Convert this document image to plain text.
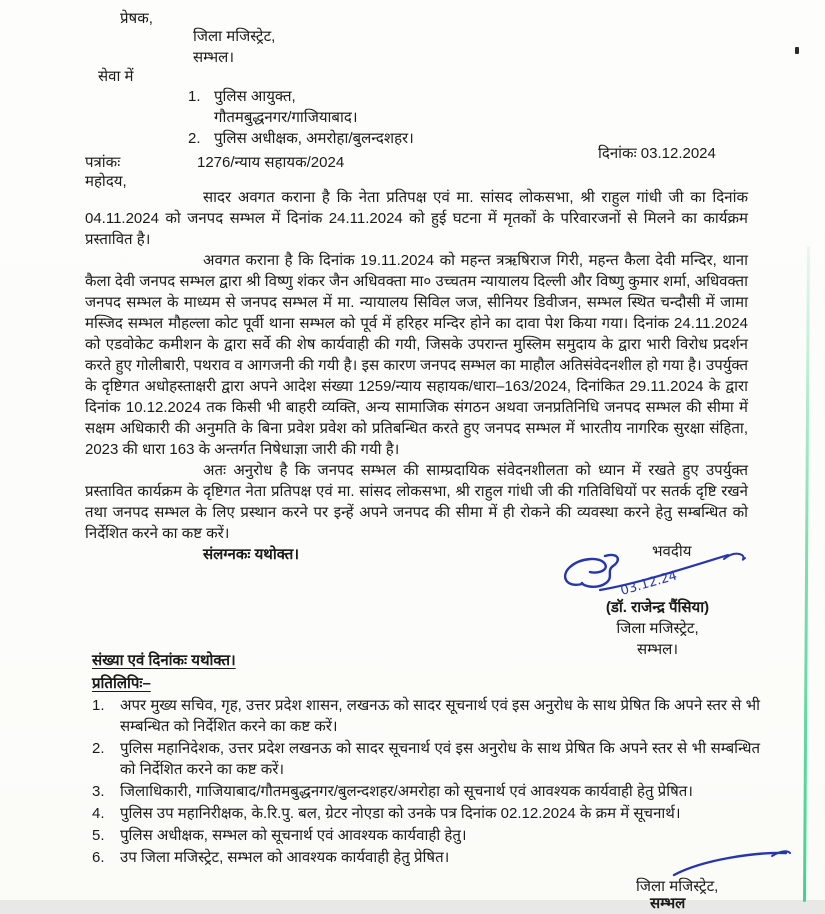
प्रेषक,
जिला मजिस्ट्रेट,
सम्भल।
सेवा में
1. पुलिस आयुक्त,
गौतमबुद्धनगर/गाजियाबाद।
2. पुलिस अधीक्षक, अमरोहा/बुलन्दशहर।
दिनांकः 03.12.2024
पत्रांकः	1276/न्याय सहायक/2024
महोदय,

सादर अवगत कराना है कि नेता प्रतिपक्ष एवं मा. सांसद लोकसभा, श्री राहुल गांधी जी का दिनांक 04.11.2024 को जनपद सम्भल में दिनांक 24.11.2024 को हुई घटना में मृतकों के परिवारजनों से मिलने का कार्यक्रम प्रस्तावित है।

अवगत कराना है कि दिनांक 19.11.2024 को महन्त त्रऋषिराज गिरी, महन्त कैला देवी मन्दिर, थाना कैला देवी जनपद सम्भल द्वारा श्री विष्णु शंकर जैन अधिवक्ता मा० उच्चतम न्यायालय दिल्ली और विष्णु कुमार शर्मा, अधिवक्ता जनपद सम्भल के माध्यम से जनपद सम्भल में मा. न्यायालय सिविल जज, सीनियर डिवीजन, सम्भल स्थित चन्दौसी में जामा मस्जिद सम्भल मौहल्ला कोट पूर्वी थाना सम्भल को पूर्व में हरिहर मन्दिर होने का दावा पेश किया गया। दिनांक 24.11.2024 को एडवोकेट कमीशन के द्वारा सर्वे की शेष कार्यवाही की गयी, जिसके उपरान्त मुस्लिम समुदाय के द्वारा भारी विरोध प्रदर्शन करते हुए गोलीबारी, पथराव व आगजनी की गयी है। इस कारण जनपद सम्भल का माहौल अतिसंवेदनशील हो गया है। उपर्युक्त के दृष्टिगत अधोहस्ताक्षरी द्वारा अपने आदेश संख्या 1259/न्याय सहायक/धारा–163/2024, दिनांकित 29.11.2024 के द्वारा दिनांक 10.12.2024 तक किसी भी बाहरी व्यक्ति, अन्य सामाजिक संगठन अथवा जनप्रतिनिधि जनपद सम्भल की सीमा में सक्षम अधिकारी की अनुमति के बिना प्रवेश प्रवेश को प्रतिबन्धित करते हुए जनपद सम्भल में भारतीय नागरिक सुरक्षा संहिता, 2023 की धारा 163 के अन्तर्गत निषेधाज्ञा जारी की गयी है।

अतः अनुरोध है कि जनपद सम्भल की साम्प्रदायिक संवेदनशीलता को ध्यान में रखते हुए उपर्युक्त प्रस्तावित कार्यक्रम के दृष्टिगत नेता प्रतिपक्ष एवं मा. सांसद लोकसभा, श्री राहुल गांधी जी की गतिविधियों पर सतर्क दृष्टि रखने तथा जनपद सम्भल के लिए प्रस्थान करने पर इन्हें अपने जनपद की सीमा में ही रोकने की व्यवस्था करने हेतु सम्बन्धित को निर्देशित करने का कष्ट करें।

संलग्नकः यथोक्त।	भवदीय
03.12.24
(डॉ. राजेन्द्र पैंसिया)
जिला मजिस्ट्रेट,
सम्भल।
संख्या एवं दिनांकः यथोक्त।
प्रतिलिपिः–
1.	अपर मुख्य सचिव, गृह, उत्तर प्रदेश शासन, लखनऊ को सादर सूचनार्थ एवं इस अनुरोध के साथ प्रेषित कि अपने स्तर से भी सम्बन्धित को निर्देशित करने का कष्ट करें।
2.	पुलिस महानिदेशक, उत्तर प्रदेश लखनऊ को सादर सूचनार्थ एवं इस अनुरोध के साथ प्रेषित कि अपने स्तर से भी सम्बन्धित को निर्देशित करने का कष्ट करें।
3.	जिलाधिकारी, गाजियाबाद/गौतमबुद्धनगर/बुलन्दशहर/अमरोहा को सूचनार्थ एवं आवश्यक कार्यवाही हेतु प्रेषित।
4.	पुलिस उप महानिरीक्षक, के.रि.पु. बल, ग्रेटर नोएडा को उनके पत्र दिनांक 02.12.2024 के क्रम में सूचनार्थ।
5.	पुलिस अधीक्षक, सम्भल को सूचनार्थ एवं आवश्यक कार्यवाही हेतु।
6.	उप जिला मजिस्ट्रेट, सम्भल को आवश्यक कार्यवाही हेतु प्रेषित।
जिला मजिस्ट्रेट,
सम्भल
